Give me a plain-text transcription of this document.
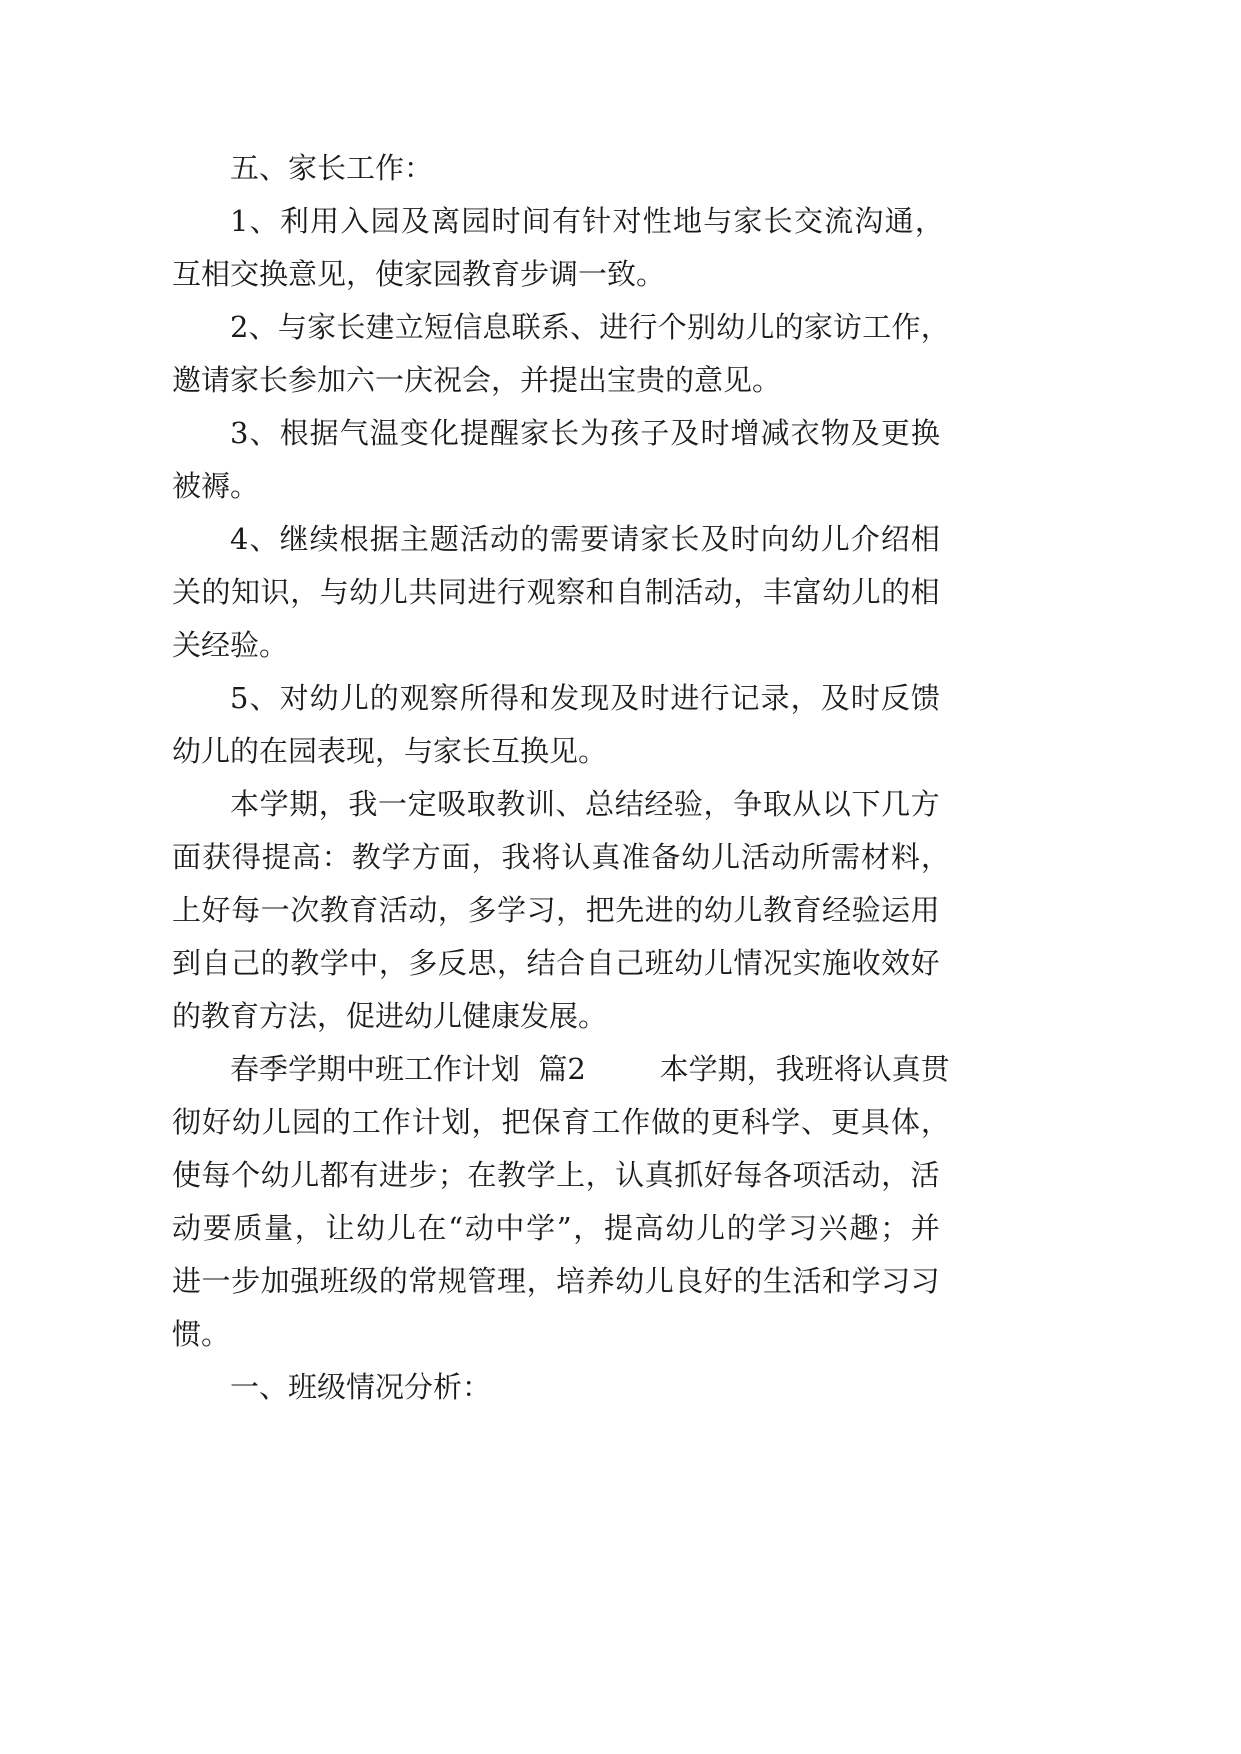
五、家长工作：

1 、 利 用 入 园 及 离 园 时 间 有 针 对 性 地 与 家 长 交 流 沟 通 ，

互相交换意见，使家园教育步调一致。

2 、 与 家 长 建 立 短 信 息 联 系 、 进 行 个 别 幼 儿 的 家 访 工 作 ，

邀请家长参加六一庆祝会，并提出宝贵的意见。

3 、 根 据 气 温 变 化 提 醒 家 长 为 孩 子 及 时 增 减 衣 物 及 更 换

被褥。

4 、 继 续 根 据 主 题 活 动 的 需 要 请 家 长 及 时 向 幼 儿 介 绍 相

关 的 知 识 ， 与 幼 儿 共 同 进 行 观 察 和 自 制 活 动 ， 丰 富 幼 儿 的 相

关经验。

5 、 对 幼 儿 的 观 察 所 得 和 发 现 及 时 进 行 记 录 ， 及 时 反 馈

幼儿的在园表现，与家长互换见。

本 学 期 ， 我 一 定 吸 取 教 训 、 总 结 经 验 ， 争 取 从 以 下 几 方

面 获 得 提 高 ： 教 学 方 面 ， 我 将 认 真 准 备 幼 儿 活 动 所 需 材 料 ，

上 好 每 一 次 教 育 活 动 ， 多 学 习 ， 把 先 进 的 幼 儿 教 育 经 验 运 用

到 自 己 的 教 学 中 ， 多 反 思 ， 结 合 自 己 班 幼 儿 情 况 实 施 收 效 好

的教育方法，促进幼儿健康发展。

春季学期中班工作计划  篇2        本学期，我班将认真贯

彻 好 幼 儿 园 的 工 作 计 划 ， 把 保 育 工 作 做 的 更 科 学 、 更 具 体 ，

使 每 个 幼 儿 都 有 进 步 ； 在 教 学 上 ， 认 真 抓 好 每 各 项 活 动 ， 活

动 要 质 量 ， 让 幼 儿 在 “ 动 中 学 ” ， 提 高 幼 儿 的 学 习 兴 趣 ； 并

进 一 步 加 强 班 级 的 常 规 管 理 ， 培 养 幼 儿 良 好 的 生 活 和 学 习 习

惯。

一、班级情况分析：
